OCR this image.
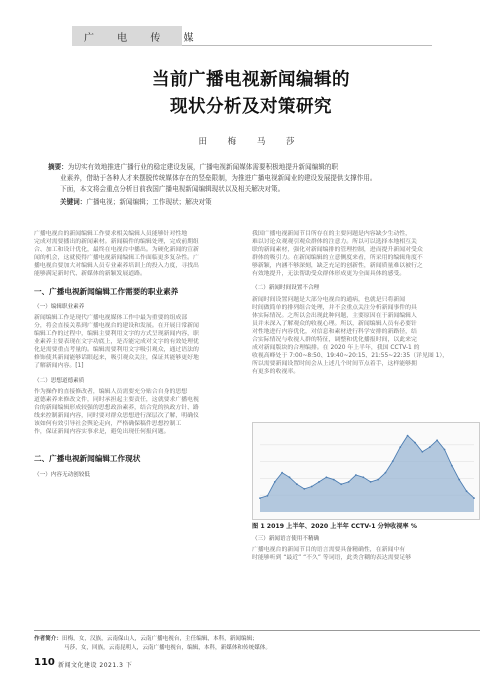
广 电 传 媒
当前广播电视新闻编辑的
现状分析及对策研究
田 梅 马 莎
摘要：为切实有效地推进广播行业的稳定建设发展，广播电视新闻媒体需要积极地提升新闻编辑的职
业素养，借助于各种人才来摆脱传统媒体存在的竖垒限制，为推进广播电视新闻业的建设发展提供支撑作用。
下面，本文将会重点分析目前我国广播电视新闻编辑现状以及相关解决对策。
关键词：广播电视；新闻编辑；工作现状；解决对策
广播电视台的新闻编辑工作要求相关编辑人员能够针对性地
完成对需要播出的新闻素材。新闻稿件的编辑处理，完成前期组
合、加工和设计优化，最终在电视台中播出。为硬化新闻的宣新
闻的机会，这就使得广播电视新闻编辑工作面临更多复杂性。广
播电视台要加大对编辑人员专业素养培训上的投入力度，寻找出
能够满足新时代、新媒体的新颖发展道路。
一、广播电视新闻编辑工作需要的职业素养
（一）编辑职业素养
新闻编辑工作是现代广播电视媒体工作中最为重要的组成部
分，将会直接关系到广播电视台的建设和发展。在开展日常新闻
编辑工作的过程中，编辑主要利用文字的方式呈现新闻内容，职
业素养主要表现在文字功底上，是否能完成对文字的有效处理优
化是需要重点考量的。编辑需要利用文字吸引观众，通过语法的
修饰使其新闻能够话眼起来，吸引观众关注，保证其能够更好地
了解新闻内容。[1]
（二）思想道德素质
作为操作的直接修改者，编辑人员需要充分贴合自身的思想
道德素养来修改文件，同时承担起主要责任，这就要求广播电视
台的新闻编辑形成较强的思想政治素养，结合党的执政方针、路
线来控制新闻内容，同时要对群众思想进行深层次了解，明确仪
该如何有效引导社会舆论走向，严格确保稿件思想控制工
作，保证新闻内容实事求是，避免出现任何报问题。
二、广播电视新闻编辑工作现状
（一）内容无动创较低
我国广播电视新闻节目所存在的主要问题是内容缺少生动性，
难以讨论众观观引观众群体的注意力。所以可以选择本地相互关
联的新闻素材，强化对新闻编排的管理控制，进而提升新闻对受众
群体的吸引力。在新闻编辑的立意侧度来看，所采用的编辑角度不
够新颖，内涵不够深刻，缺乏充足的创新性，新闻质量难以被行之
有效地提升，无法帮助受众群体形成更为全面具体的感受。
（二）新闻时间设置不合理
新闻时间设置问题是大部分电视台的通病，也就是只将新闻
时间做简单的排列组合处理，并不会重点关注分析新闻事件的具
体实际情况。之所以会出现此种问题，主要原因在于新闻编辑人
员并未深入了解观众的收视心理。所以，新闻编辑人员有必要针
对性地进行内容优化，对信息和素材进行科学安排的新路径，结
合实际情况与收视人群的特征，调整和优化播报时间，以此来完
成对新闻版块的合理编排。在 2020 年上半年，我国 CCTV-1 的
收视高峰处于 7:00~8:50、19:40~20:15、21:55~22:35（详见图 1），
所以需要新闻设置时间会从上述几个时间节点着手，这样能够拥
有更多的收视率。
图 1 2019 上半年、2020 上半年 CCTV-1 分钟收视率 %
（三）新闻语言使用不精确
广播电视台的新闻节目的语言需要具备精确性，在新闻中有
时能够听到 “最近” “不久” 等词语，此类含糊的表达需要足够
作者简介：田梅，女，汉族，云南保山人，云南广播电视台，主任编辑，本科，新闻编辑；
马莎，女，回族，云南昆明人，云南广播电视台，编辑，本科，新媒体和传统媒体。
110 新闻文化建设 2021.3 下
